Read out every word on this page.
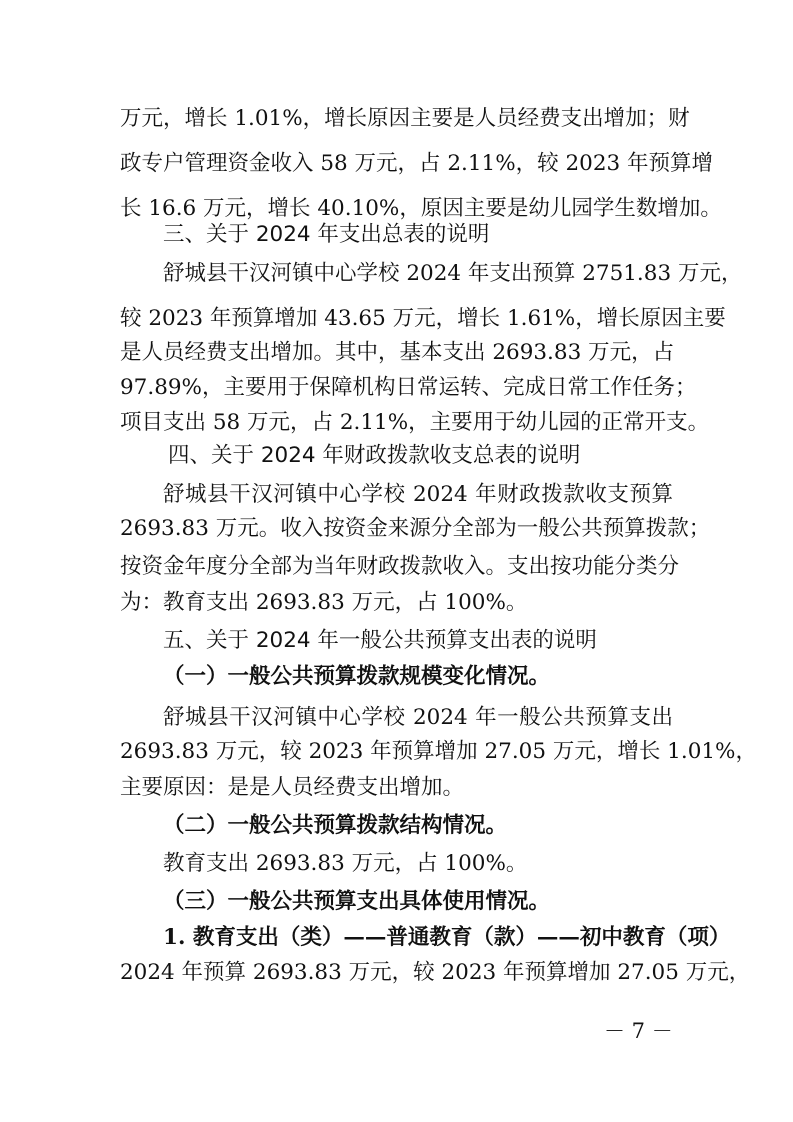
万元，增长 1.01%，增长原因主要是人员经费支出增加；财
政专户管理资金收入 58 万元，占 2.11%，较 2023 年预算增
长 16.6 万元，增长 40.10%，原因主要是幼儿园学生数增加。
三、关于 2024 年支出总表的说明
舒城县干汉河镇中心学校 2024 年支出预算 2751.83 万元，
较 2023 年预算增加 43.65 万元，增长 1.61%，增长原因主要
是人员经费支出增加。其中，基本支出 2693.83 万元，占
97.89%，主要用于保障机构日常运转、完成日常工作任务；
项目支出 58 万元，占 2.11%，主要用于幼儿园的正常开支。
四、关于 2024 年财政拨款收支总表的说明
舒城县干汉河镇中心学校 2024 年财政拨款收支预算
2693.83 万元。收入按资金来源分全部为一般公共预算拨款；
按资金年度分全部为当年财政拨款收入。支出按功能分类分
为：教育支出 2693.83 万元，占 100%。
五、关于 2024 年一般公共预算支出表的说明
（一）一般公共预算拨款规模变化情况。
舒城县干汉河镇中心学校 2024 年一般公共预算支出
2693.83 万元，较 2023 年预算增加 27.05 万元，增长 1.01%，
主要原因：是是人员经费支出增加。
（二）一般公共预算拨款结构情况。
教育支出 2693.83 万元，占 100%。
（三）一般公共预算支出具体使用情况。
1. 教育支出（类）——普通教育（款）——初中教育（项）
2024 年预算 2693.83 万元，较 2023 年预算增加 27.05 万元，
－ 7 －
